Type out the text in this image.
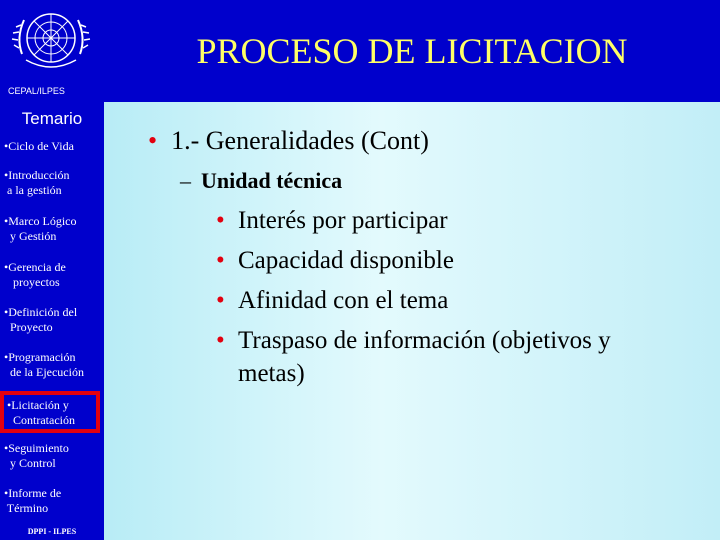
CEPAL/ILPES
PROCESO DE LICITACION
Temario
•Ciclo de Vida
•Introducción
a la gestión
•Marco Lógico
y Gestión
•Gerencia de
proyectos
•Definición del
Proyecto
•Programación
de la Ejecución
•Licitación y
Contratación
•Seguimiento
y Control
•Informe de
Término
DPPI - ILPES
• 1.- Generalidades (Cont)
– Unidad técnica
• Interés por participar
• Capacidad disponible
• Afinidad con el tema
• Traspaso de información (objetivos y
metas)
